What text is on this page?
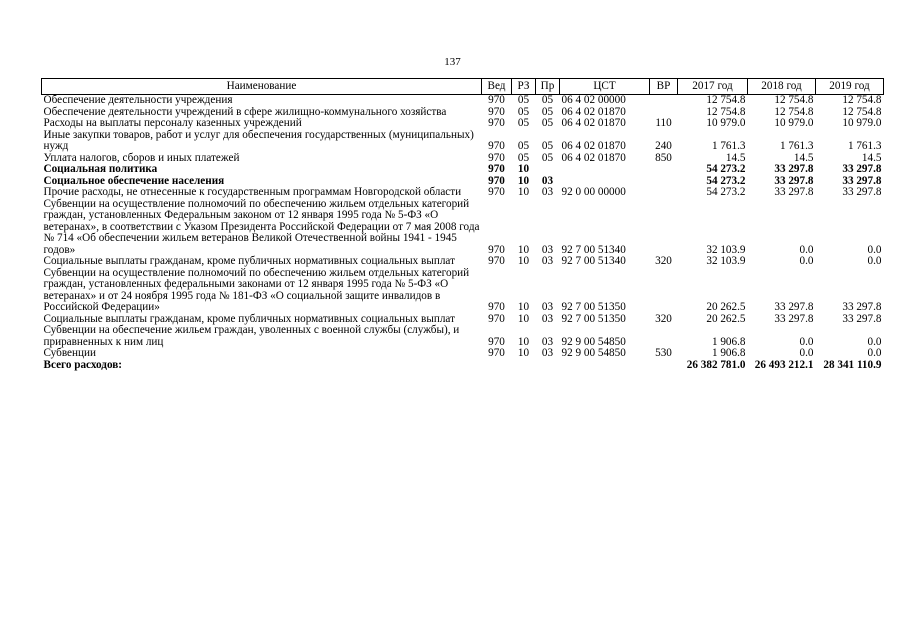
137
Наименование	Вед	РЗ	Пр	ЦСТ	ВР	2017 год	2018 год	2019 год
Обеспечение деятельности учреждения	970	05	05	06 4 02 00000		12 754.8	12 754.8	12 754.8
Обеспечение деятельности учреждений в сфере жилищно-коммунального хозяйства	970	05	05	06 4 02 01870		12 754.8	12 754.8	12 754.8
Расходы на выплаты персоналу казенных учреждений	970	05	05	06 4 02 01870	110	10 979.0	10 979.0	10 979.0
Иные закупки товаров, работ и услуг для обеспечения государственных (муниципальных) нужд	970	05	05	06 4 02 01870	240	1 761.3	1 761.3	1 761.3
Уплата налогов, сборов и иных платежей	970	05	05	06 4 02 01870	850	14.5	14.5	14.5
Социальная политика	970	10				54 273.2	33 297.8	33 297.8
Социальное обеспечение населения	970	10	03			54 273.2	33 297.8	33 297.8
Прочие расходы, не отнесенные к государственным программам Новгородской области	970	10	03	92 0 00 00000		54 273.2	33 297.8	33 297.8
Субвенции на осуществление полномочий по обеспечению жильем отдельных категорий граждан, установленных Федеральным законом от 12 января 1995 года № 5-ФЗ «О ветеранах», в соответствии с Указом Президента Российской Федерации от 7 мая 2008 года № 714 «Об обеспечении жильем ветеранов Великой Отечественной войны 1941 - 1945 годов»	970	10	03	92 7 00 51340		32 103.9	0.0	0.0
Социальные выплаты гражданам, кроме публичных нормативных социальных выплат	970	10	03	92 7 00 51340	320	32 103.9	0.0	0.0
Субвенции на осуществление полномочий по обеспечению жильем отдельных категорий граждан, установленных федеральными законами от 12 января 1995 года № 5-ФЗ «О ветеранах» и от 24 ноября 1995 года № 181-ФЗ «О социальной защите инвалидов в Российской Федерации»	970	10	03	92 7 00 51350		20 262.5	33 297.8	33 297.8
Социальные выплаты гражданам, кроме публичных нормативных социальных выплат	970	10	03	92 7 00 51350	320	20 262.5	33 297.8	33 297.8
Субвенции на обеспечение жильем граждан, уволенных с военной службы (службы), и приравненных к ним лиц	970	10	03	92 9 00 54850		1 906.8	0.0	0.0
Субвенции	970	10	03	92 9 00 54850	530	1 906.8	0.0	0.0
Всего расходов:						26 382 781.0	26 493 212.1	28 341 110.9
